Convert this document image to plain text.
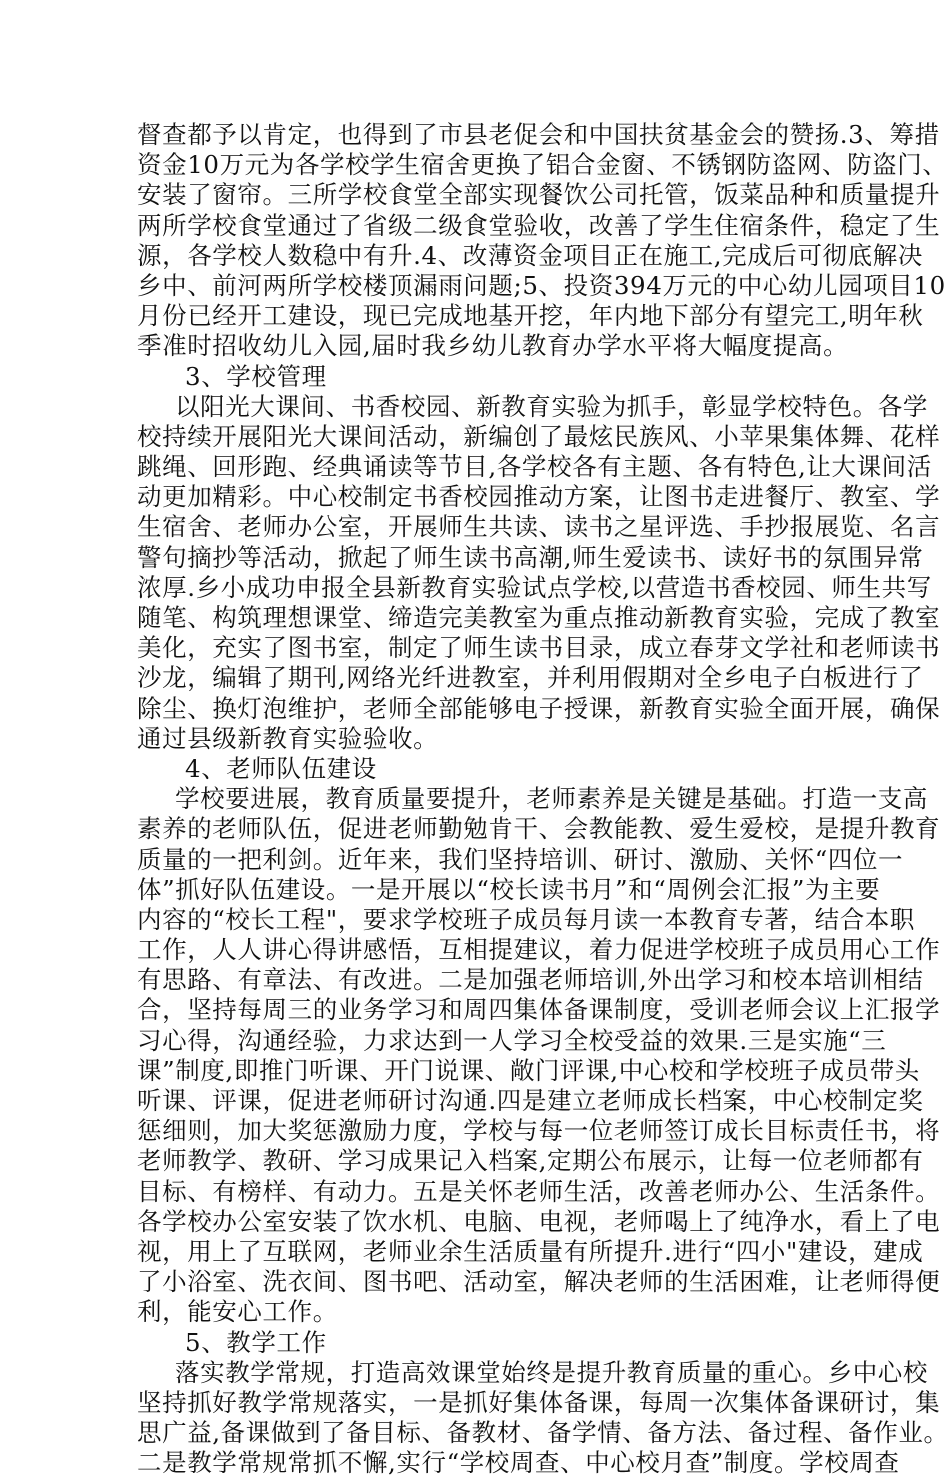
督查都予以肯定，也得到了市县老促会和中国扶贫基金会的赞扬.3、筹措
资金10万元为各学校学生宿舍更换了铝合金窗、不锈钢防盗网、防盗门、
安装了窗帘。三所学校食堂全部实现餐饮公司托管，饭菜品种和质量提升
两所学校食堂通过了省级二级食堂验收，改善了学生住宿条件，稳定了生
源，各学校人数稳中有升.4、改薄资金项目正在施工,完成后可彻底解决
乡中、前河两所学校楼顶漏雨问题;5、投资394万元的中心幼儿园项目10
月份已经开工建设，现已完成地基开挖，年内地下部分有望完工,明年秋
季准时招收幼儿入园,届时我乡幼儿教育办学水平将大幅度提高。
3、学校管理
以阳光大课间、书香校园、新教育实验为抓手，彰显学校特色。各学
校持续开展阳光大课间活动，新编创了最炫民族风、小苹果集体舞、花样
跳绳、回形跑、经典诵读等节目,各学校各有主题、各有特色,让大课间活
动更加精彩。中心校制定书香校园推动方案，让图书走进餐厅、教室、学
生宿舍、老师办公室，开展师生共读、读书之星评选、手抄报展览、名言
警句摘抄等活动，掀起了师生读书高潮,师生爱读书、读好书的氛围异常
浓厚.乡小成功申报全县新教育实验试点学校,以营造书香校园、师生共写
随笔、构筑理想课堂、缔造完美教室为重点推动新教育实验，完成了教室
美化，充实了图书室，制定了师生读书目录，成立春芽文学社和老师读书
沙龙，编辑了期刊,网络光纤进教室，并利用假期对全乡电子白板进行了
除尘、换灯泡维护，老师全部能够电子授课，新教育实验全面开展，确保
通过县级新教育实验验收。
4、老师队伍建设
学校要进展，教育质量要提升，老师素养是关键是基础。打造一支高
素养的老师队伍，促进老师勤勉肯干、会教能教、爱生爱校，是提升教育
质量的一把利剑。近年来，我们坚持培训、研讨、激励、关怀“四位一
体”抓好队伍建设。一是开展以“校长读书月”和“周例会汇报”为主要
内容的“校长工程"，要求学校班子成员每月读一本教育专著，结合本职
工作，人人讲心得讲感悟，互相提建议，着力促进学校班子成员用心工作
有思路、有章法、有改进。二是加强老师培训,外出学习和校本培训相结
合，坚持每周三的业务学习和周四集体备课制度，受训老师会议上汇报学
习心得，沟通经验，力求达到一人学习全校受益的效果.三是实施“三
课”制度,即推门听课、开门说课、敞门评课,中心校和学校班子成员带头
听课、评课，促进老师研讨沟通.四是建立老师成长档案，中心校制定奖
惩细则，加大奖惩激励力度，学校与每一位老师签订成长目标责任书，将
老师教学、教研、学习成果记入档案,定期公布展示，让每一位老师都有
目标、有榜样、有动力。五是关怀老师生活，改善老师办公、生活条件。
各学校办公室安装了饮水机、电脑、电视，老师喝上了纯净水，看上了电
视，用上了互联网，老师业余生活质量有所提升.进行“四小"建设，建成
了小浴室、洗衣间、图书吧、活动室，解决老师的生活困难，让老师得便
利，能安心工作。
5、教学工作
落实教学常规，打造高效课堂始终是提升教育质量的重心。乡中心校
坚持抓好教学常规落实，一是抓好集体备课，每周一次集体备课研讨，集
思广益,备课做到了备目标、备教材、备学情、备方法、备过程、备作业。
二是教学常规常抓不懈,实行“学校周查、中心校月查”制度。学校周查
